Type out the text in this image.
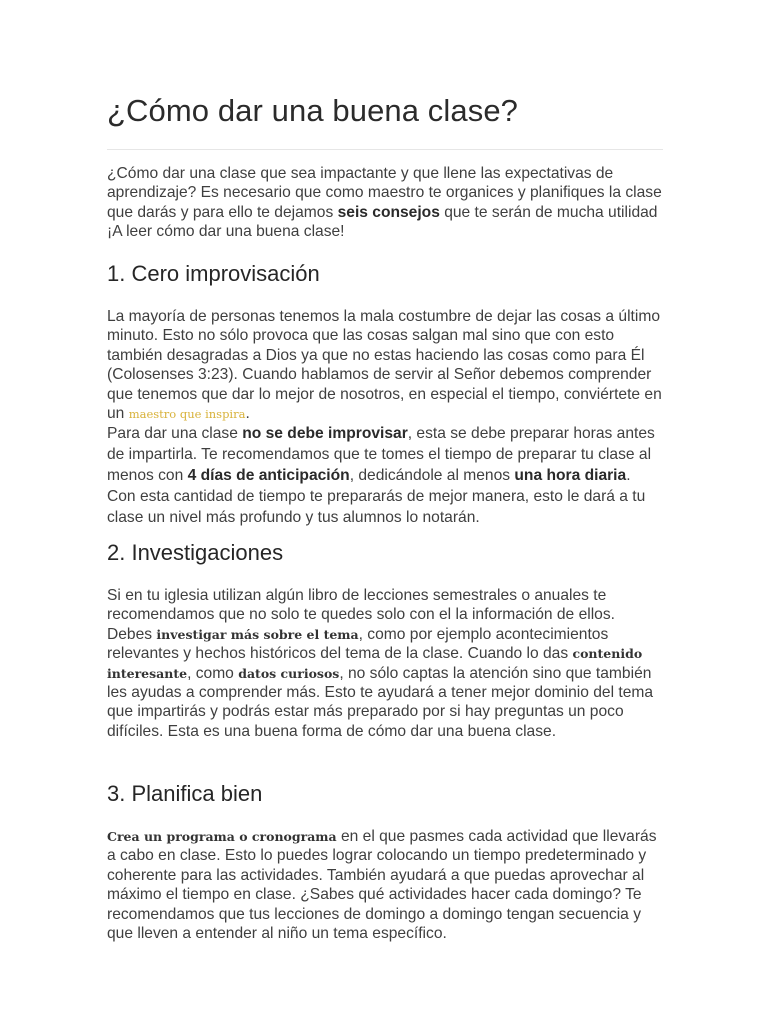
¿Cómo dar una buena clase?

¿Cómo dar una clase que sea impactante y que llene las expectativas de aprendizaje? Es necesario que como maestro te organices y planifiques la clase que darás y para ello te dejamos seis consejos que te serán de mucha utilidad ¡A leer cómo dar una buena clase!

1. Cero improvisación

La mayoría de personas tenemos la mala costumbre de dejar las cosas a último minuto. Esto no sólo provoca que las cosas salgan mal sino que con esto también desagradas a Dios ya que no estas haciendo las cosas como para Él (Colosenses 3:23). Cuando hablamos de servir al Señor debemos comprender que tenemos que dar lo mejor de nosotros, en especial el tiempo, conviértete en un maestro que inspira.

Para dar una clase no se debe improvisar, esta se debe preparar horas antes de impartirla. Te recomendamos que te tomes el tiempo de preparar tu clase al menos con 4 días de anticipación, dedicándole al menos una hora diaria. Con esta cantidad de tiempo te prepararás de mejor manera, esto le dará a tu clase un nivel más profundo y tus alumnos lo notarán.

2. Investigaciones

Si en tu iglesia utilizan algún libro de lecciones semestrales o anuales te recomendamos que no solo te quedes solo con el la información de ellos. Debes investigar más sobre el tema, como por ejemplo acontecimientos relevantes y hechos históricos del tema de la clase. Cuando lo das contenido interesante, como datos curiosos, no sólo captas la atención sino que también les ayudas a comprender más. Esto te ayudará a tener mejor dominio del tema que impartirás y podrás estar más preparado por si hay preguntas un poco difíciles. Esta es una buena forma de cómo dar una buena clase.

3. Planifica bien

Crea un programa o cronograma en el que pasmes cada actividad que llevarás a cabo en clase. Esto lo puedes lograr colocando un tiempo predeterminado y coherente para las actividades. También ayudará a que puedas aprovechar al máximo el tiempo en clase. ¿Sabes qué actividades hacer cada domingo? Te recomendamos que tus lecciones de domingo a domingo tengan secuencia y que lleven a entender al niño un tema específico.
